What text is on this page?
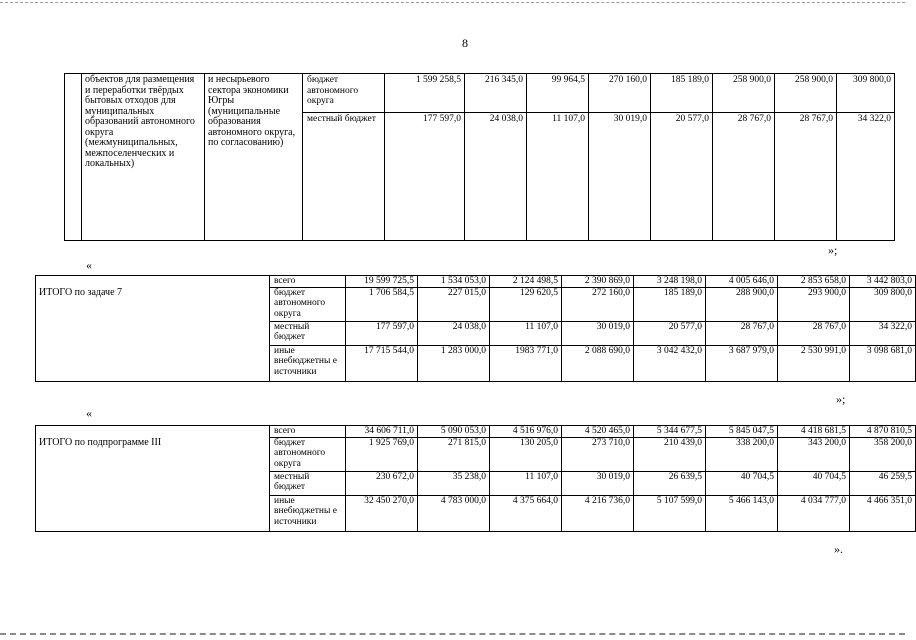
8
	объектов для размещения и переработки твёрдых бытовых отходов для муниципальных образований автономного округа (межмуниципальных, межпоселенческих и локальных)	и несырьевого сектора экономики Югры (муниципальные образования автономного округа, по согласованию)	бюджет автономного округа	1 599 258,5	216 345,0	99 964,5	270 160,0	185 189,0	258 900,0	258 900,0	309 800,0
			местный бюджет	177 597,0	24 038,0	11 107,0	30 019,0	20 577,0	28 767,0	28 767,0	34 322,0
»;
«
ИТОГО по задаче 7	всего	19 599 725,5	1 534 053,0	2 124 498,5	2 390 869,0	3 248 198,0	4 005 646,0	2 853 658,0	3 442 803,0
	бюджет автономного округа	1 706 584,5	227 015,0	129 620,5	272 160,0	185 189,0	288 900,0	293 900,0	309 800,0
	местный бюджет	177 597,0	24 038,0	11 107,0	30 019,0	20 577,0	28 767,0	28 767,0	34 322,0
	иные внебюджетны е источники	17 715 544,0	1 283 000,0	1983 771,0	2 088 690,0	3 042 432,0	3 687 979,0	2 530 991,0	3 098 681,0
»;
«
ИТОГО по подпрограмме III	всего	34 606 711,0	5 090 053,0	4 516 976,0	4 520 465,0	5 344 677,5	5 845 047,5	4 418 681,5	4 870 810,5
	бюджет автономного округа	1 925 769,0	271 815,0	130 205,0	273 710,0	210 439,0	338 200,0	343 200,0	358 200,0
	местный бюджет	230 672,0	35 238,0	11 107,0	30 019,0	26 639,5	40 704,5	40 704,5	46 259,5
	иные внебюджетны е источники	32 450 270,0	4 783 000,0	4 375 664,0	4 216 736,0	5 107 599,0	5 466 143,0	4 034 777,0	4 466 351,0
».
